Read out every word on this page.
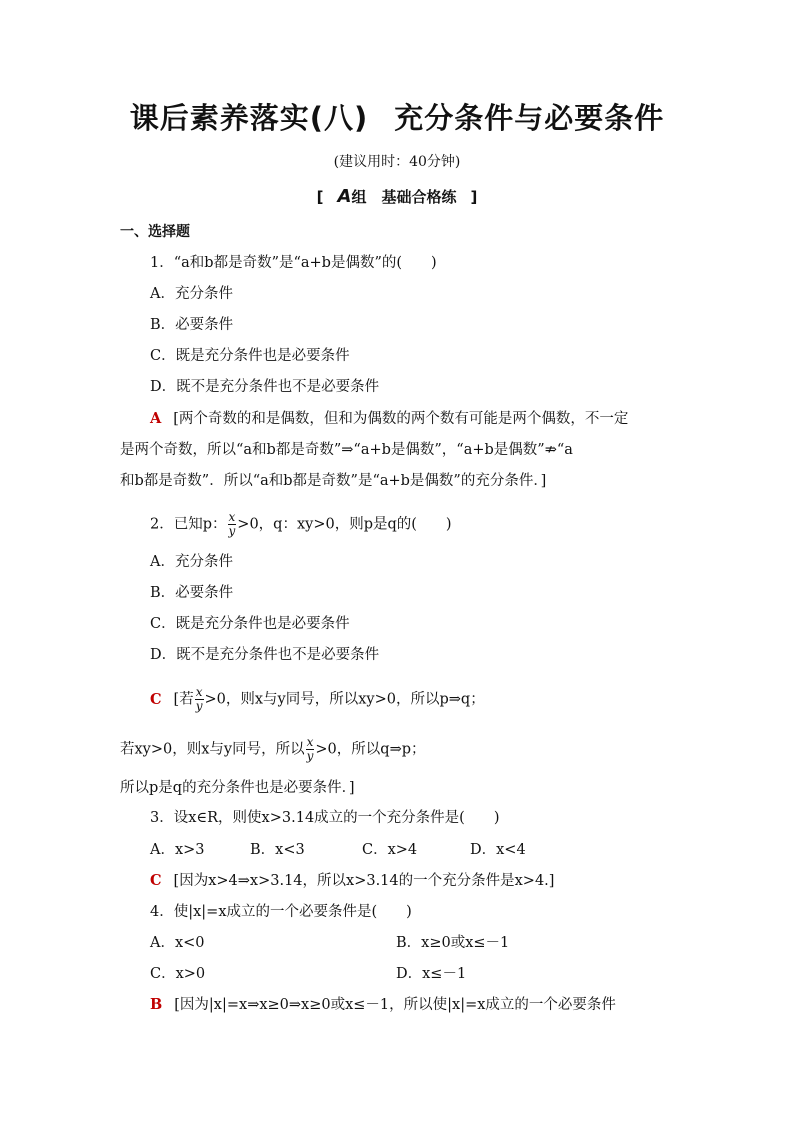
课后素养落实(八) 充分条件与必要条件
(建议用时：40分钟)
[ A组　基础合格练 ]
一、选择题
1．“a和b都是奇数”是“a+b是偶数”的(　　)
A．充分条件
B．必要条件
C．既是充分条件也是必要条件
D．既不是充分条件也不是必要条件
A [两个奇数的和是偶数，但和为偶数的两个数有可能是两个偶数，不一定
是两个奇数，所以“a和b都是奇数”⇒“a+b是偶数”，“a+b是偶数”⇏“a
和b都是奇数”．所以“a和b都是奇数”是“a+b是偶数”的充分条件．]
2．已知p： $\frac{x}{y} >0$，q：xy>0，则p是q的(　　)
A．充分条件
B．必要条件
C．既是充分条件也是必要条件
D．既不是充分条件也不是必要条件
C [若 $\frac{x}{y} >0$，则x与y同号，所以xy>0，所以p⇒q；
若xy>0，则x与y同号，所以 $\frac{x}{y} >0$，所以q⇒p；
所以p是q的充分条件也是必要条件．]
3．设x∈R，则使x>3.14成立的一个充分条件是(　　)
A．x>3	B．x<3	C．x>4	D．x<4
C [因为x>4⇒x>3.14，所以x>3.14的一个充分条件是x>4.]
4．使|x|=x成立的一个必要条件是(　　)
A．x<0	B．x≥0或x≤－1
C．x>0	D．x≤－1
B [因为|x|=x⇒x≥0⇒x≥0或x≤－1，所以使|x|=x成立的一个必要条件
